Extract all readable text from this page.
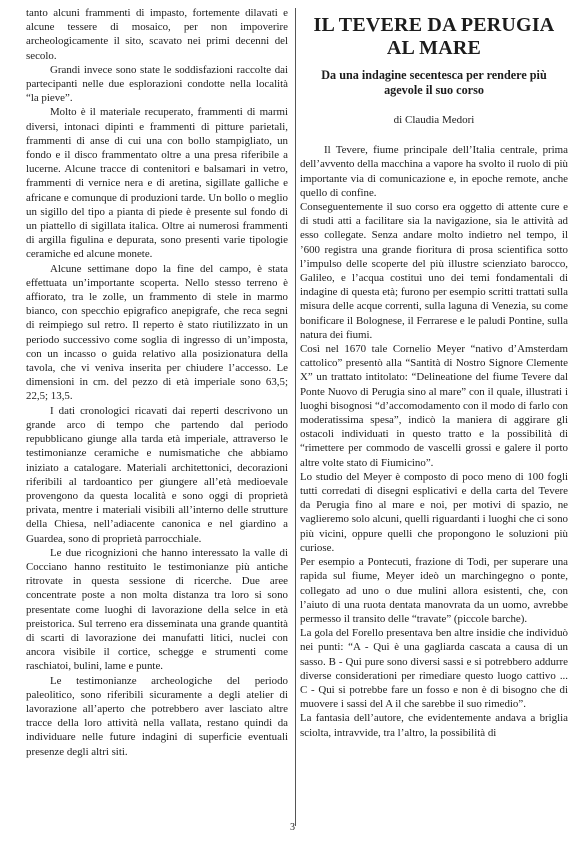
tanto alcuni frammenti di impasto, fortemente dilavati e alcune tessere di mosaico, per non impoverire archeologicamente il sito, scavato nei primi decenni del secolo.

Grandi invece sono state le soddisfazioni raccolte dai partecipanti nelle due esplorazioni condotte nella località “la pieve”.

Molto è il materiale recuperato, frammenti di marmi diversi, intonaci dipinti e frammenti di pitture parietali, frammenti di anse di cui una con bollo stampigliato, un fondo e il disco frammentato oltre a una presa riferibile a lucerne. Alcune tracce di contenitori e balsamari in vetro, frammenti di vernice nera e di aretina, sigillate galliche e africane e comunque di produzioni tarde. Un bollo o meglio un sigillo del tipo a pianta di piede è presente sul fondo di un piattello di sigillata italica. Oltre ai numerosi frammenti di argilla figulina e depurata, sono presenti varie tipologie ceramiche ed alcune monete.

Alcune settimane dopo la fine del campo, è stata effettuata un’importante scoperta. Nello stesso terreno è affiorato, tra le zolle, un frammento di stele in marmo bianco, con specchio epigrafico anepigrafe, che reca segni di reimpiego sul retro. Il reperto è stato riutilizzato in un periodo successivo come soglia di ingresso di un’imposta, con un incasso o guida relativo alla posizionatura della tavola, che vi veniva inserita per chiudere l’accesso. Le dimensioni in cm. del pezzo di età imperiale sono 63,5; 22,5; 13,5.

I dati cronologici ricavati dai reperti descrivono un grande arco di tempo che partendo dal periodo repubblicano giunge alla tarda età imperiale, attraverso le testimonianze ceramiche e numismatiche che abbiamo iniziato a catalogare. Materiali architettonici, decorazioni riferibili al tardoantico per giungere all’età medioevale provengono da questa località e sono oggi di proprietà privata, mentre i materiali visibili all’interno delle strutture della Chiesa, nell’adiacente canonica e nel giardino a Guardea, sono di proprietà parrocchiale.

Le due ricognizioni che hanno interessato la valle di Cocciano hanno restituito le testimonianze più antiche ritrovate in questa sessione di ricerche. Due aree concentrate poste a non molta distanza tra loro si sono presentate come luoghi di lavorazione della selce in età preistorica. Sul terreno era disseminata una grande quantità di scarti di lavorazione dei manufatti litici, nuclei con ancora visibile il cortice, schegge e strumenti come raschiatoi, bulini, lame e punte.

Le testimonianze archeologiche del periodo paleolitico, sono riferibili sicuramente a degli atelier di lavorazione all’aperto che potrebbero aver lasciato altre tracce della loro attività nella vallata, restano quindi da individuare nelle future indagini di superficie eventuali presenze degli altri siti.

IL TEVERE DA PERUGIA AL MARE
Da una indagine secentesca per rendere più agevole il suo corso
di Claudia Medori

Il Tevere, fiume principale dell’Italia centrale, prima dell’avvento della macchina a vapore ha svolto il ruolo di più importante via di comunicazione e, in epoche remote, anche quello di confine.

Conseguentemente il suo corso era oggetto di attente cure e di studi atti a facilitare sia la navigazione, sia le attività ad esso collegate. Senza andare molto indietro nel tempo, il ’600 registra una grande fioritura di prosa scientifica sotto l’impulso delle scoperte del più illustre scienziato barocco, Galileo, e l’acqua costituì uno dei temi fondamentali di indagine di questa età; furono per esempio scritti trattati sulla misura delle acque correnti, sulla laguna di Venezia, su come bonificare il Bolognese, il Ferrarese e le paludi Pontine, sulla natura dei fiumi.

Così nel 1670 tale Cornelio Meyer “nativo d’Amsterdam cattolico” presentò alla “Santità di Nostro Signore Clemente X” un trattato intitolato: “Delineatione del fiume Tevere dal Ponte Nuovo di Perugia sino al mare” con il quale, illustrati i luoghi bisognosi “d’accomodamento con il modo di farlo con moderatissima spesa”, indicò la maniera di aggirare gli ostacoli individuati in questo tratto e la possibilità di “rimettere per commodo de vascelli grossi e galere il porto altre volte stato di Fiumicino”.

Lo studio del Meyer è composto di poco meno di 100 fogli tutti corredati di disegni esplicativi e della carta del Tevere da Perugia fino al mare e noi, per motivi di spazio, ne vaglieremo solo alcuni, quelli riguardanti i luoghi che ci sono più vicini, oppure quelli che propongono le soluzioni più curiose.

Per esempio a Pontecuti, frazione di Todi, per superare una rapida sul fiume, Meyer ideò un marchingegno o ponte, collegato ad uno o due mulini allora esistenti, che, con l’aiuto di una ruota dentata manovrata da un uomo, avrebbe permesso il transito delle “travate” (piccole barche).

La gola del Forello presentava ben altre insidie che individuò nei punti: “A - Qui è una gagliarda cascata a causa di un sasso. B - Qui pure sono diversi sassi e si potrebbero addurre diverse considerationi per rimediare questo luogo cattivo ... C - Qui si potrebbe fare un fosso e non è di bisogno che di muovere i sassi del A il che sarebbe il suo rimedio”.

La fantasia dell’autore, che evidentemente andava a briglia sciolta, intravvide, tra l’altro, la possibilità di

3
